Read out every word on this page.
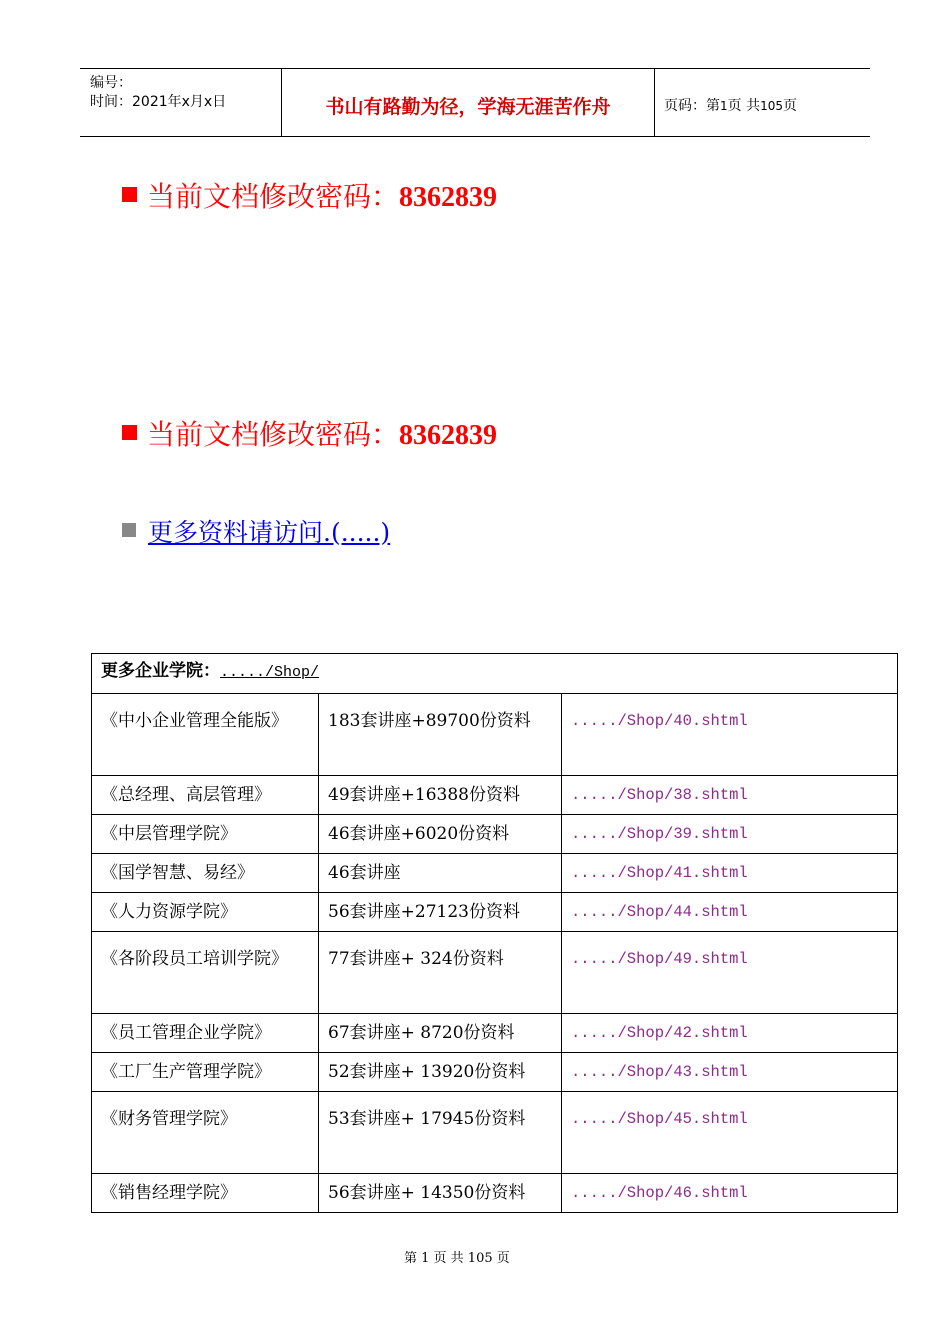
编号：
时间：2021年x月x日	书山有路勤为径，学海无涯苦作舟	页码：第1页 共105页
当前文档修改密码：8362839
当前文档修改密码：8362839
更多资料请访问.(.....)
更多企业学院：...../Shop/		
《中小企业管理全能版》	183套讲座+89700份资料	...../Shop/40.shtml
《总经理、高层管理》	49套讲座+16388份资料	...../Shop/38.shtml
《中层管理学院》	46套讲座+6020份资料	...../Shop/39.shtml
《国学智慧、易经》	46套讲座	...../Shop/41.shtml
《人力资源学院》	56套讲座+27123份资料	...../Shop/44.shtml
《各阶段员工培训学院》	77套讲座+ 324份资料	...../Shop/49.shtml
《员工管理企业学院》	67套讲座+ 8720份资料	...../Shop/42.shtml
《工厂生产管理学院》	52套讲座+ 13920份资料	...../Shop/43.shtml
《财务管理学院》	53套讲座+ 17945份资料	...../Shop/45.shtml
《销售经理学院》	56套讲座+ 14350份资料	...../Shop/46.shtml
第 1 页 共 105 页
